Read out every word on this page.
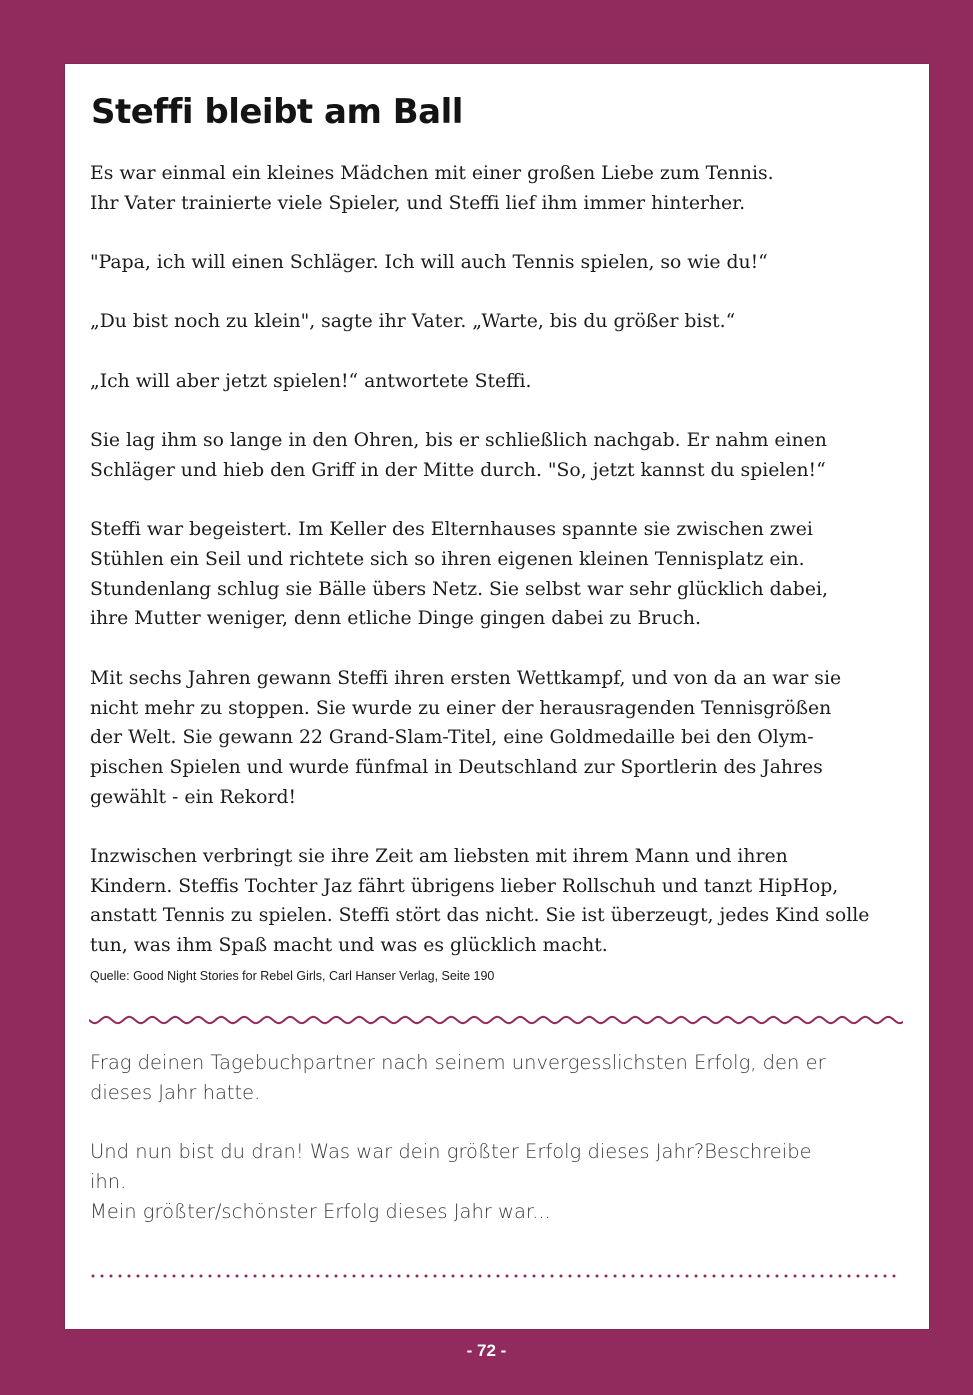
Steffi bleibt am Ball

Es war einmal ein kleines Mädchen mit einer großen Liebe zum Tennis.
Ihr Vater trainierte viele Spieler, und Steffi lief ihm immer hinterher.

"Papa, ich will einen Schläger. Ich will auch Tennis spielen, so wie du!“

„Du bist noch zu klein", sagte ihr Vater. „Warte, bis du größer bist.“

„Ich will aber jetzt spielen!“ antwortete Steffi.

Sie lag ihm so lange in den Ohren, bis er schließlich nachgab. Er nahm einen
Schläger und hieb den Griff in der Mitte durch. "So, jetzt kannst du spielen!“

Steffi war begeistert. Im Keller des Elternhauses spannte sie zwischen zwei
Stühlen ein Seil und richtete sich so ihren eigenen kleinen Tennisplatz ein.
Stundenlang schlug sie Bälle übers Netz. Sie selbst war sehr glücklich dabei,
ihre Mutter weniger, denn etliche Dinge gingen dabei zu Bruch.

Mit sechs Jahren gewann Steffi ihren ersten Wettkampf, und von da an war sie
nicht mehr zu stoppen. Sie wurde zu einer der herausragenden Tennisgrößen
der Welt. Sie gewann 22 Grand-Slam-Titel, eine Goldmedaille bei den Olym-
pischen Spielen und wurde fünfmal in Deutschland zur Sportlerin des Jahres
gewählt - ein Rekord!

Inzwischen verbringt sie ihre Zeit am liebsten mit ihrem Mann und ihren
Kindern. Steffis Tochter Jaz fährt übrigens lieber Rollschuh und tanzt HipHop,
anstatt Tennis zu spielen. Steffi stört das nicht. Sie ist überzeugt, jedes Kind solle
tun, was ihm Spaß macht und was es glücklich macht.

Quelle: Good Night Stories for Rebel Girls, Carl Hanser Verlag, Seite 190

Frag deinen Tagebuchpartner nach seinem unvergesslichsten Erfolg, den er
dieses Jahr hatte.

Und nun bist du dran! Was war dein größter Erfolg dieses Jahr?Beschreibe
ihn.
Mein größter/schönster Erfolg dieses Jahr war...

- 72 -
